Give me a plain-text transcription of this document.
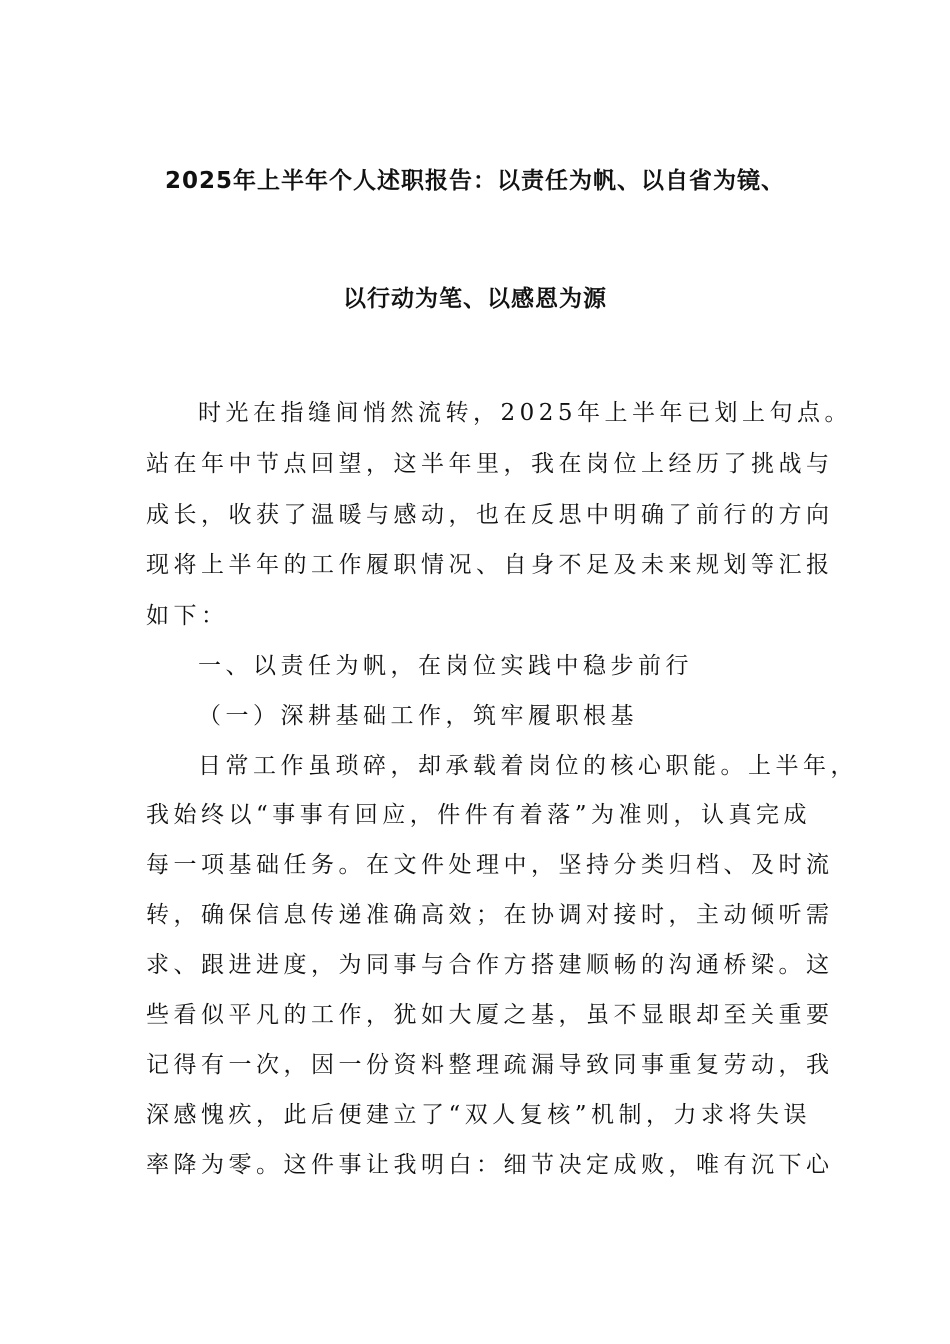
2025年上半年个人述职报告：以责任为帆、以自省为镜、
以行动为笔、以感恩为源
时光在指缝间悄然流转，2025年上半年已划上句点。
站在年中节点回望，这半年里，我在岗位上经历了挑战与
成长，收获了温暖与感动，也在反思中明确了前行的方向
现将上半年的工作履职情况、自身不足及未来规划等汇报
如下：
一、以责任为帆，在岗位实践中稳步前行
（一）深耕基础工作，筑牢履职根基
日常工作虽琐碎，却承载着岗位的核心职能。上半年，
我始终以“事事有回应，件件有着落”为准则，认真完成
每一项基础任务。在文件处理中，坚持分类归档、及时流
转，确保信息传递准确高效；在协调对接时，主动倾听需
求、跟进进度，为同事与合作方搭建顺畅的沟通桥梁。这
些看似平凡的工作，犹如大厦之基，虽不显眼却至关重要
记得有一次，因一份资料整理疏漏导致同事重复劳动，我
深感愧疚，此后便建立了“双人复核”机制，力求将失误
率降为零。这件事让我明白：细节决定成败，唯有沉下心
